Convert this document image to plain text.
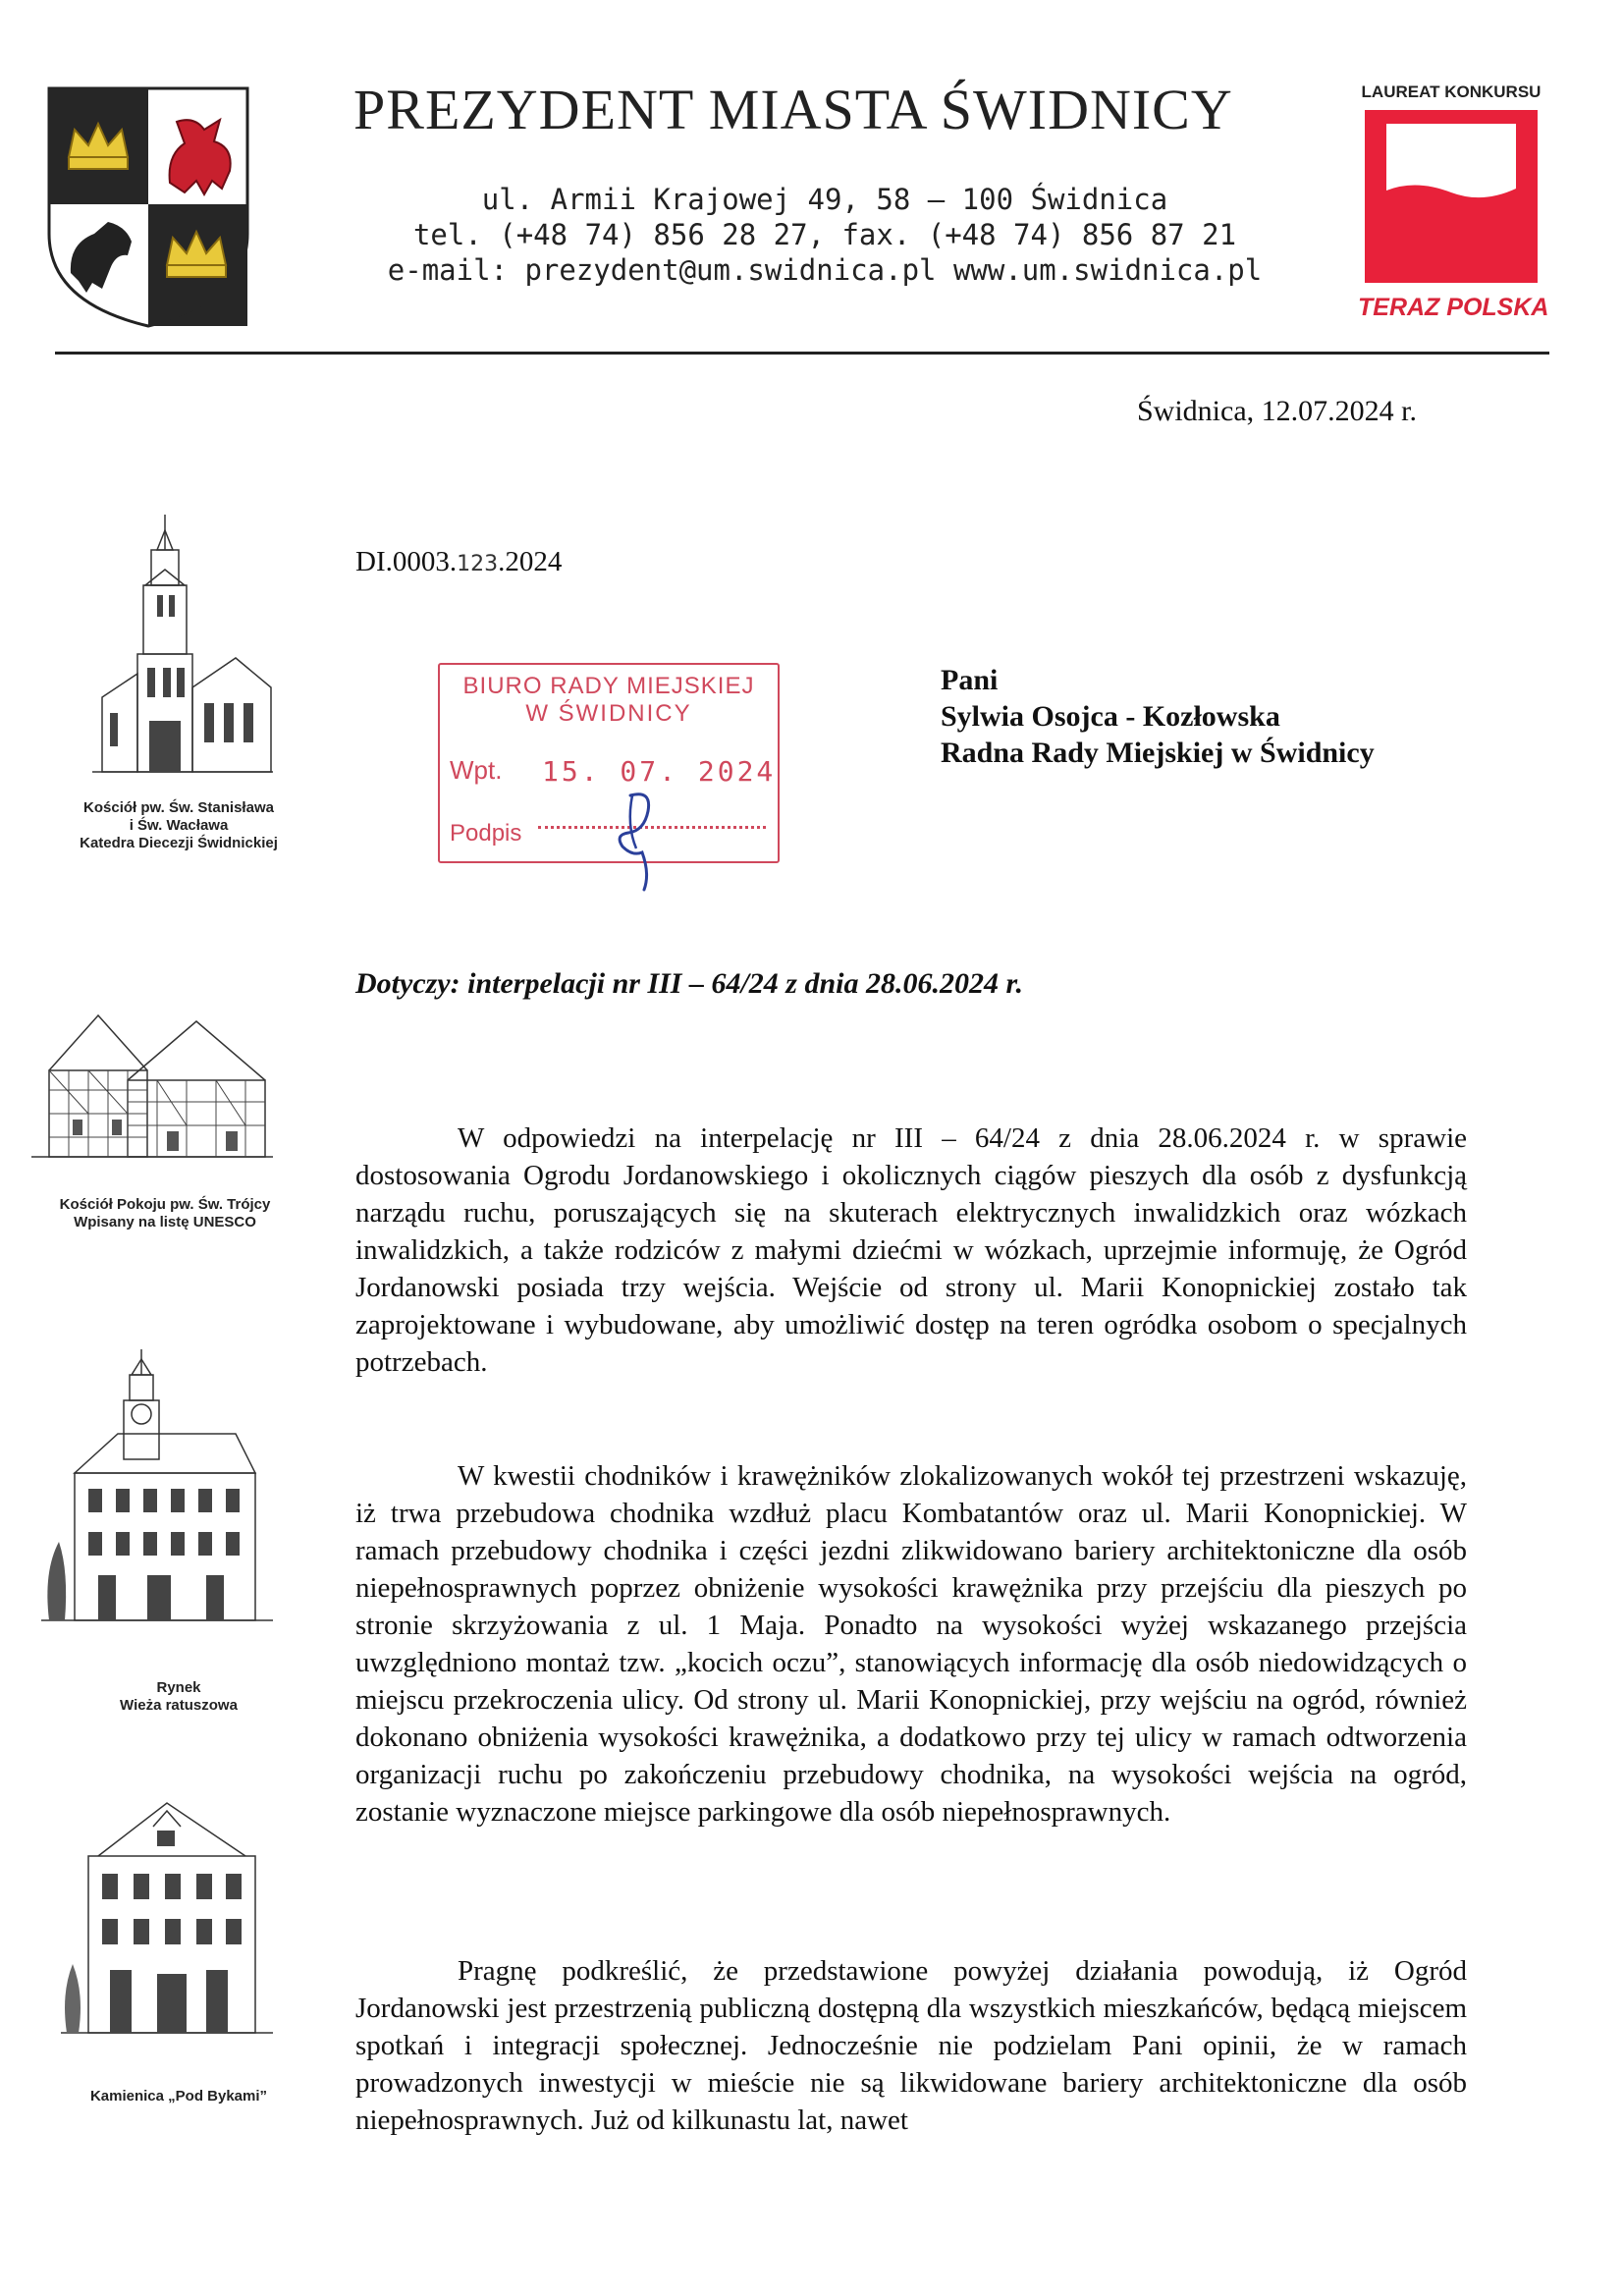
PREZYDENT MIASTA ŚWIDNICY
ul. Armii Krajowej 49, 58 – 100 Świdnica
tel. (+48 74) 856 28 27, fax. (+48 74) 856 87 21
e-mail: prezydent@um.swidnica.pl www.um.swidnica.pl
LAUREAT KONKURSU
TERAZ POLSKA
Świdnica, 12.07.2024 r.
DI.0003.123.2024
BIURO RADY MIEJSKIEJ
W ŚWIDNICY
Wpt. 15. 07. 2024
Podpis
Pani
Sylwia Osojca - Kozłowska
Radna Rady Miejskiej w Świdnicy
Dotyczy: interpelacji nr III – 64/24 z dnia 28.06.2024 r.

W odpowiedzi na interpelację nr III – 64/24 z dnia 28.06.2024 r. w sprawie dostosowania Ogrodu Jordanowskiego i okolicznych ciągów pieszych dla osób z dysfunkcją narządu ruchu, poruszających się na skuterach elektrycznych inwalidzkich oraz wózkach inwalidzkich, a także rodziców z małymi dziećmi w wózkach, uprzejmie informuję, że Ogród Jordanowski posiada trzy wejścia. Wejście od strony ul. Marii Konopnickiej zostało tak zaprojektowane i wybudowane, aby umożliwić dostęp na teren ogródka osobom o specjalnych potrzebach.

W kwestii chodników i krawężników zlokalizowanych wokół tej przestrzeni wskazuję, iż trwa przebudowa chodnika wzdłuż placu Kombatantów oraz ul. Marii Konopnickiej. W ramach przebudowy chodnika i części jezdni zlikwidowano bariery architektoniczne dla osób niepełnosprawnych poprzez obniżenie wysokości krawężnika przy przejściu dla pieszych po stronie skrzyżowania z ul. 1 Maja. Ponadto na wysokości wyżej wskazanego przejścia uwzględniono montaż tzw. „kocich oczu”, stanowiących informację dla osób niedowidzących o miejscu przekroczenia ulicy. Od strony ul. Marii Konopnickiej, przy wejściu na ogród, również dokonano obniżenia wysokości krawężnika, a dodatkowo przy tej ulicy w ramach odtworzenia organizacji ruchu po zakończeniu przebudowy chodnika, na wysokości wejścia na ogród, zostanie wyznaczone miejsce parkingowe dla osób niepełnosprawnych.

Pragnę podkreślić, że przedstawione powyżej działania powodują, iż Ogród Jordanowski jest przestrzenią publiczną dostępną dla wszystkich mieszkańców, będącą miejscem spotkań i integracji społecznej. Jednocześnie nie podzielam Pani opinii, że w ramach prowadzonych inwestycji w mieście nie są likwidowane bariery architektoniczne dla osób niepełnosprawnych. Już od kilkunastu lat, nawet

Kościół pw. Św. Stanisława
i Św. Wacława
Katedra Diecezji Świdnickiej
Kościół Pokoju pw. Św. Trójcy
Wpisany na listę UNESCO
Rynek
Wieża ratuszowa
Kamienica „Pod Bykami”
